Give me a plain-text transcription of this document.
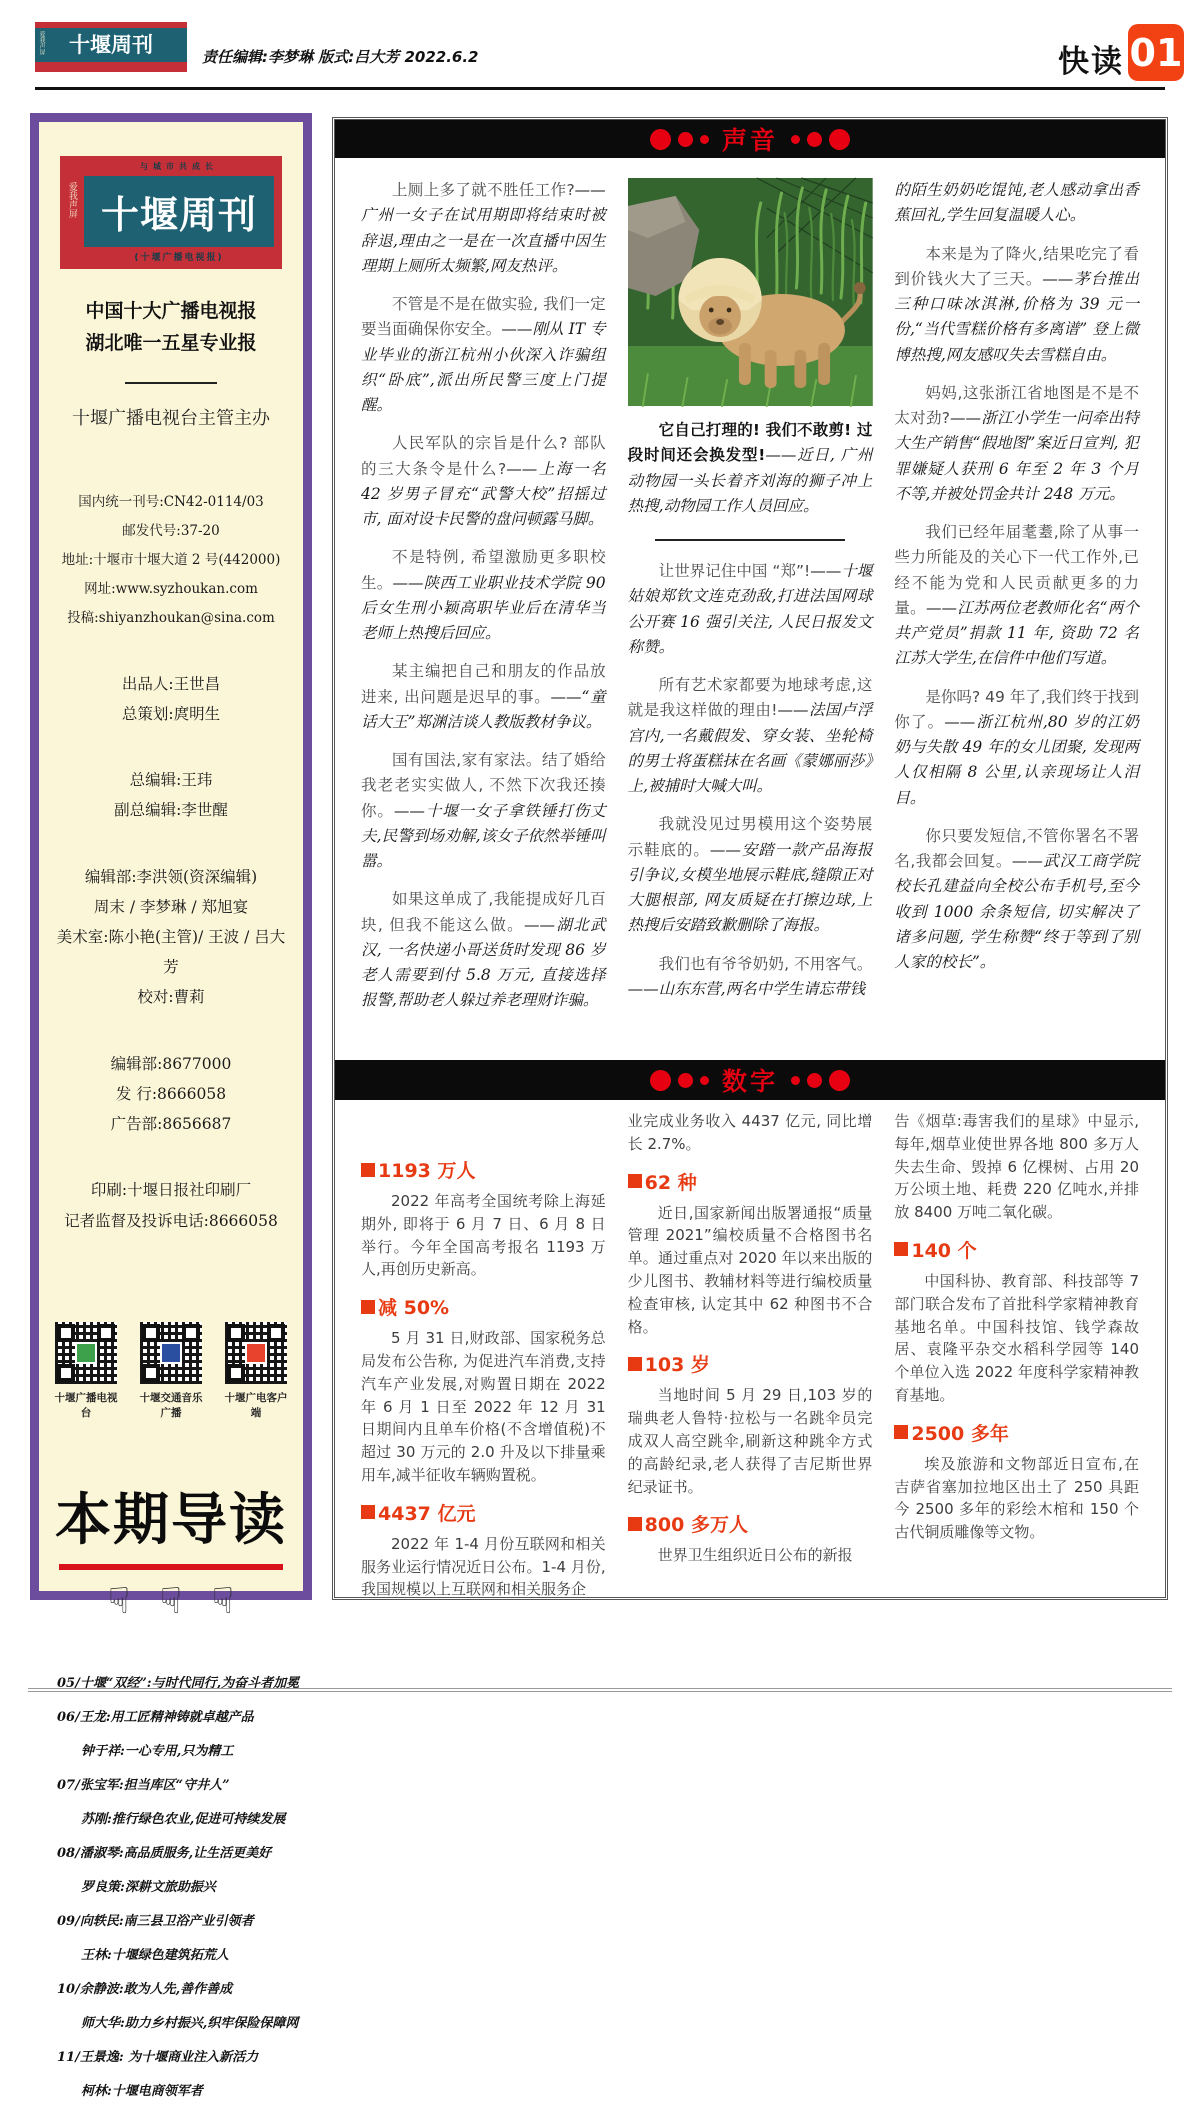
爱我声屏 十堰周刊	责任编辑:李梦琳 版式:吕大芳 2022.6.2	快读 01
与城市共成长
十堰周刊
(十堰广播电视报)
爱我声屏
中国十大广播电视报
湖北唯一五星专业报
十堰广播电视台主管主办
国内统一刊号:CN42-0114/03
邮发代号:37-20
地址:十堰市十堰大道 2 号(442000)
网址:www.syzhoukan.com
投稿:shiyanzhoukan@sina.com
出品人:王世昌
总策划:庹明生
总编辑:王玮
副总编辑:李世醒
编辑部:李洪领(资深编辑)
周末 / 李梦琳 / 郑旭宴
美术室:陈小艳(主管)/ 王波 / 吕大芳
校对:曹莉
编辑部:8677000
发 行:8666058
广告部:8656687
印刷:十堰日报社印刷厂
记者监督及投诉电话:8666058
十堰广播电视台
十堰交通音乐广播
十堰广电客户端
本期导读
☟☟☟
05/十堰“双经”:与时代同行,为奋斗者加冕
06/王龙:用工匠精神铸就卓越产品
钟于祥:一心专用,只为精工
07/张宝军:担当库区“守井人”
苏刚:推行绿色农业,促进可持续发展
08/潘淑琴:高品质服务,让生活更美好
罗良策:深耕文旅助振兴
09/向轶民:南三县卫浴产业引领者
王林:十堰绿色建筑拓荒人
10/余静波:敢为人先,善作善成
师大华:助力乡村振兴,织牢保险保障网
11/王景逸: 为十堰商业注入新活力
柯林:十堰电商领军者
声音

上厕上多了就不胜任工作?——广州一女子在试用期即将结束时被辞退,理由之一是在一次直播中因生理期上厕所太频繁,网友热评。

不管是不是在做实验, 我们一定要当面确保你安全。——刚从 IT 专业毕业的浙江杭州小伙深入诈骗组织“卧底”,派出所民警三度上门提醒。

人民军队的宗旨是什么? 部队的三大条令是什么?——上海一名 42 岁男子冒充“武警大校”招摇过市, 面对设卡民警的盘问顿露马脚。

不是特例, 希望激励更多职校生。——陕西工业职业技术学院 90 后女生刑小颖高职毕业后在清华当老师上热搜后回应。

某主编把自己和朋友的作品放进来, 出问题是迟早的事。——“童话大王”郑渊洁谈人教版教材争议。

国有国法,家有家法。结了婚给我老老实实做人, 不然下次我还揍你。——十堰一女子拿铁锤打伤丈夫,民警到场劝解,该女子依然举锤叫嚣。

如果这单成了,我能提成好几百块, 但我不能这么做。——湖北武汉, 一名快递小哥送货时发现 86 岁老人需要到付 5.8 万元, 直接选择报警,帮助老人躲过养老理财诈骗。

它自己打理的! 我们不敢剪! 过段时间还会换发型!——近日, 广州动物园一头长着齐刘海的狮子冲上热搜,动物园工作人员回应。

让世界记住中国 “郑”!——十堰姑娘郑钦文连克劲敌,打进法国网球公开赛 16 强引关注, 人民日报发文称赞。

所有艺术家都要为地球考虑,这就是我这样做的理由!——法国卢浮宫内,一名戴假发、穿女装、坐轮椅的男士将蛋糕抹在名画《蒙娜丽莎》上,被捕时大喊大叫。

我就没见过男模用这个姿势展示鞋底的。——安踏一款产品海报引争议,女模坐地展示鞋底,缝隙正对大腿根部, 网友质疑在打擦边球,上热搜后安踏致歉删除了海报。

我们也有爷爷奶奶, 不用客气。——山东东营,两名中学生请忘带钱

的陌生奶奶吃馄饨,老人感动拿出香蕉回礼,学生回复温暖人心。

本来是为了降火,结果吃完了看到价钱火大了三天。——茅台推出三种口味冰淇淋,价格为 39 元一份,“当代雪糕价格有多离谱” 登上微博热搜,网友感叹失去雪糕自由。

妈妈,这张浙江省地图是不是不太对劲?——浙江小学生一问牵出特大生产销售“假地图”案近日宣判, 犯罪嫌疑人获刑 6 年至 2 年 3 个月不等,并被处罚金共计 248 万元。

我们已经年届耄耋,除了从事一些力所能及的关心下一代工作外,已经不能为党和人民贡献更多的力量。——江苏两位老教师化名“两个共产党员”捐款 11 年, 资助 72 名江苏大学生,在信件中他们写道。

是你吗? 49 年了,我们终于找到你了。——浙江杭州,80 岁的江奶奶与失散 49 年的女儿团聚, 发现两人仅相隔 8 公里,认亲现场让人泪目。

你只要发短信,不管你署名不署名,我都会回复。——武汉工商学院校长孔建益向全校公布手机号,至今收到 1000 余条短信, 切实解决了诸多问题, 学生称赞“终于等到了别人家的校长”。

数字
1193 万人

2022 年高考全国统考除上海延期外, 即将于 6 月 7 日、6 月 8 日举行。今年全国高考报名 1193 万人,再创历史新高。

减 50%

5 月 31 日,财政部、国家税务总局发布公告称, 为促进汽车消费,支持汽车产业发展,对购置日期在 2022 年 6 月 1 日至 2022 年 12 月 31 日期间内且单车价格(不含增值税)不超过 30 万元的 2.0 升及以下排量乘用车,减半征收车辆购置税。

4437 亿元

2022 年 1-4 月份互联网和相关服务业运行情况近日公布。1-4 月份,我国规模以上互联网和相关服务企

业完成业务收入 4437 亿元, 同比增长 2.7%。

62 种

近日,国家新闻出版署通报“质量管理 2021”编校质量不合格图书名单。通过重点对 2020 年以来出版的少儿图书、教辅材料等进行编校质量检查审核, 认定其中 62 种图书不合格。

103 岁

当地时间 5 月 29 日,103 岁的瑞典老人鲁特·拉松与一名跳伞员完成双人高空跳伞,刷新这种跳伞方式的高龄纪录,老人获得了吉尼斯世界纪录证书。

800 多万人

世界卫生组织近日公布的新报

告《烟草:毒害我们的星球》中显示,每年,烟草业使世界各地 800 多万人失去生命、毁掉 6 亿棵树、占用 20 万公顷土地、耗费 220 亿吨水,并排放 8400 万吨二氧化碳。

140 个

中国科协、教育部、科技部等 7 部门联合发布了首批科学家精神教育基地名单。中国科技馆、钱学森故居、袁隆平杂交水稻科学园等 140 个单位入选 2022 年度科学家精神教育基地。

2500 多年

埃及旅游和文物部近日宣布,在吉萨省塞加拉地区出土了 250 具距今 2500 多年的彩绘木棺和 150 个古代铜质雕像等文物。
